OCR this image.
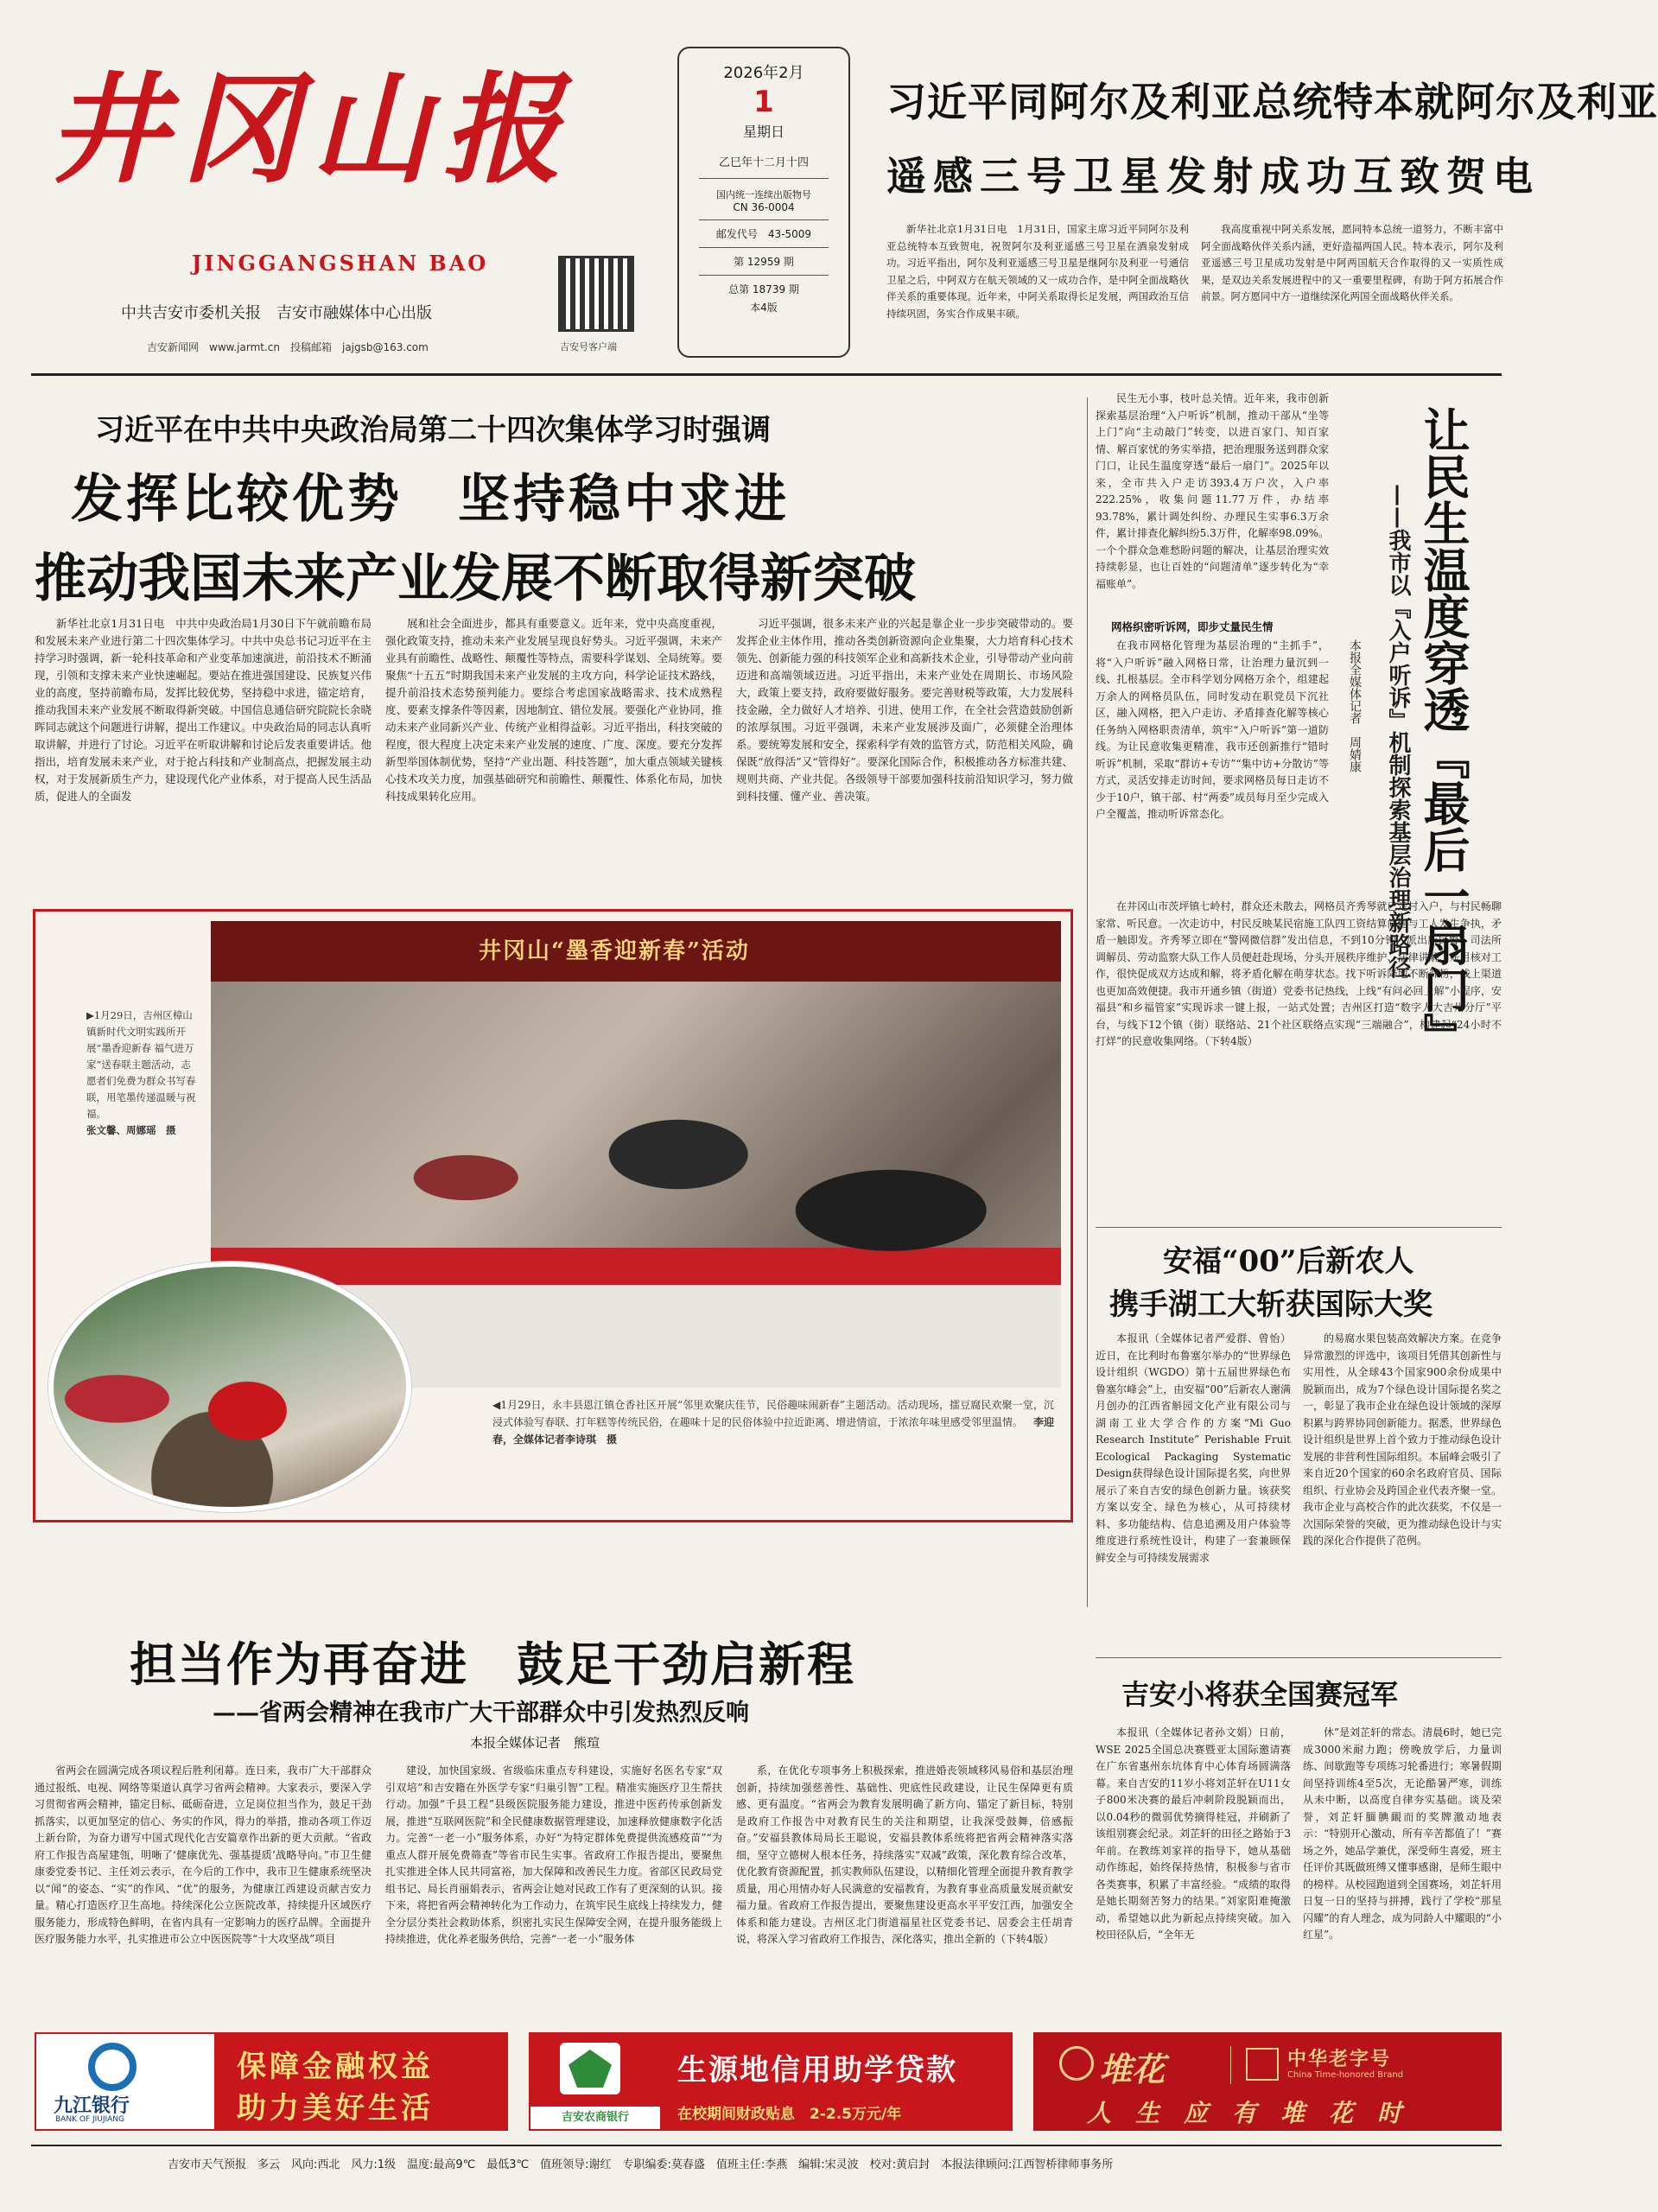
井冈山报
JINGGANGSHAN BAO
中共吉安市委机关报　吉安市融媒体中心出版
吉安新闻网　www.jarmt.cn　投稿邮箱　jajgsb@163.com	吉安号客户端
2026年2月
1
星期日
乙巳年十二月十四
国内统一连续出版物号
CN 36-0004
邮发代号　43-5009
第 12959 期
总第 18739 期
本4版
习近平同阿尔及利亚总统特本就阿尔及利亚
遥感三号卫星发射成功互致贺电

新华社北京1月31日电　1月31日，国家主席习近平同阿尔及利亚总统特本互致贺电，祝贺阿尔及利亚遥感三号卫星在酒泉发射成功。习近平指出，阿尔及利亚遥感三号卫星是继阿尔及利亚一号通信卫星之后，中阿双方在航天领域的又一成功合作，是中阿全面战略伙伴关系的重要体现。近年来，中阿关系取得长足发展，两国政治互信持续巩固，务实合作成果丰硕。

我高度重视中阿关系发展，愿同特本总统一道努力，不断丰富中阿全面战略伙伴关系内涵，更好造福两国人民。特本表示，阿尔及利亚遥感三号卫星成功发射是中阿两国航天合作取得的又一实质性成果，是双边关系发展进程中的又一重要里程碑，有助于阿方拓展合作前景。阿方愿同中方一道继续深化两国全面战略伙伴关系。

习近平在中共中央政治局第二十四次集体学习时强调
发挥比较优势　坚持稳中求进
推动我国未来产业发展不断取得新突破

新华社北京1月31日电　中共中央政治局1月30日下午就前瞻布局和发展未来产业进行第二十四次集体学习。中共中央总书记习近平在主持学习时强调，新一轮科技革命和产业变革加速演进，前沿技术不断涌现，引领和支撑未来产业快速崛起。要站在推进强国建设、民族复兴伟业的高度，坚持前瞻布局，发挥比较优势，坚持稳中求进，锚定培育，推动我国未来产业发展不断取得新突破。中国信息通信研究院院长余晓晖同志就这个问题进行讲解，提出工作建议。中央政治局的同志认真听取讲解，并进行了讨论。习近平在听取讲解和讨论后发表重要讲话。他指出，培育发展未来产业，对于抢占科技和产业制高点，把握发展主动权，对于发展新质生产力，建设现代化产业体系，对于提高人民生活品质，促进人的全面发

展和社会全面进步，都具有重要意义。近年来，党中央高度重视，强化政策支持，推动未来产业发展呈现良好势头。习近平强调，未来产业具有前瞻性、战略性、颠覆性等特点，需要科学谋划、全局统筹。要聚焦“十五五”时期我国未来产业发展的主攻方向，科学论证技术路线，提升前沿技术态势预判能力。要综合考虑国家战略需求、技术成熟程度、要素支撑条件等因素，因地制宜、错位发展。要强化产业协同，推动未来产业同新兴产业、传统产业相得益彰。习近平指出，科技突破的程度，很大程度上决定未来产业发展的速度、广度、深度。要充分发挥新型举国体制优势，坚持“产业出题、科技答题”，加大重点领域关键核心技术攻关力度，加强基础研究和前瞻性、颠覆性、体系化布局，加快科技成果转化应用。

习近平强调，很多未来产业的兴起是靠企业一步步突破带动的。要发挥企业主体作用，推动各类创新资源向企业集聚，大力培育科心技术领先、创新能力强的科技领军企业和高新技术企业，引导带动产业向前迈进和高端领域迈进。习近平指出，未来产业处在周期长、市场风险大，政策上要支持，政府要做好服务。要完善财税等政策，大力发展科技金融，全力做好人才培养、引进、使用工作，在全社会营造鼓励创新的浓厚氛围。习近平强调，未来产业发展涉及面广，必须健全治理体系。要统筹发展和安全，探索科学有效的监管方式，防范相关风险，确保既“放得活”又“管得好”。要深化国际合作，积极推动各方标准共建、规则共商、产业共促。各级领导干部要加强科技前沿知识学习，努力做到科技懂、懂产业、善决策。

井冈山“墨香迎新春”活动
▶1月29日，吉州区樟山镇新时代文明实践所开展“墨香迎新春 福气进万家”送春联主题活动，志愿者们免费为群众书写春联，用笔墨传递温暖与祝福。
张文馨、周娜瑶　摄
◀1月29日，永丰县恩江镇仓香社区开展“邻里欢聚庆佳节，民俗趣味闹新春”主题活动。活动现场，擂豆腐民欢聚一堂，沉浸式体验写春联、打年糕等传统民俗，在趣味十足的民俗体验中拉近距离、增进情谊，于浓浓年味里感受邻里温情。 李迎春，全媒体记者李诗琪　摄

民生无小事，枝叶总关情。近年来，我市创新探索基层治理“入户听诉”机制，推动干部从“坐等上门”向“主动敲门”转变，以进百家门、知百家情、解百家忧的务实举措，把治理服务送到群众家门口，让民生温度穿透“最后一扇门”。2025年以来，全市共入户走访393.4万户次，入户率222.25%，收集问题11.77万件，办结率93.78%，累计调处纠纷、办理民生实事6.3万余件，累计排查化解纠纷5.3万件，化解率98.09%。一个个群众急难愁盼问题的解决，让基层治理实效持续彰显，也让百姓的“问题清单”逐步转化为“幸福账单”。

网格织密听诉网，即步丈量民生情

在我市网格化管理为基层治理的“主抓手”，将“入户听诉”融入网格日常，让治理力量沉到一线、扎根基层。全市科学划分网格万余个，组建起万余人的网格员队伍，同时发动在职党员下沉社区，融入网格，把入户走访、矛盾排查化解等核心任务纳入网格职责清单，筑牢“入户听诉”第一道防线。为让民意收集更精准，我市还创新推行“错时听诉”机制，采取“群访+专访”“集中访+分散访”等方式，灵活安排走访时间，要求网格员每日走访不少于10户，镇干部、村“两委”成员每月至少完成入户全覆盖，推动听诉常态化。	让民生温度穿透『最后一扇门』
——我市以『入户听诉』机制探索基层治理新路径
本报全媒体记者　周婧康

在井冈山市茨坪镇七岭村，群众还未散去，网格员齐秀琴就已走村入户，与村民畅聊家常、听民意。一次走访中，村民反映某民宿施工队四工资结算问题与工人发生争执，矛盾一触即发。齐秀琴立即在“警网微信群”发出信息，不到10分钟，派出所民警、司法所调解员、劳动监察大队工作人员便赶赴现场，分头开展秩序维护、法律讲解、账目核对工作，很快促成双方达成和解，将矛盾化解在萌芽状态。找下听诉降地不断筛粉，线上渠道也更加高效便捷。我市开通乡镇（街道）党委书记热线，上线“有问必回上解”小程序，安福县“和乡福管家”实现诉求一键上报，一站式处置；吉州区打造“数字人大吉州分厅”平台，与线下12个镇（街）联络站、21个社区联络点实现“三端融合”，构建起“24小时不打烊”的民意收集网络。（下转4版）

安福“00”后新农人
携手湖工大斩获国际大奖

本报讯（全媒体记者严爱群、曾怡）近日，在比利时布鲁塞尔举办的“世界绿色设计组织（WGDO）第十五届世界绿色布鲁塞尔峰会”上，由安福“00”后新农人谢满月创办的江西省斛园文化产业有限公司与湖南工业大学合作的方案“Mi Guo Research Institute” Perishable Fruit Ecological Packaging Systematic Design获得绿色设计国际提名奖，向世界展示了来自吉安的绿色创新力量。该获奖方案以安全、绿色为核心，从可持续材料、多功能结构、信息追溯及用户体验等维度进行系统性设计，构建了一套兼顾保鲜安全与可持续发展需求

的易腐水果包装高效解决方案。在竞争异常激烈的评选中，该项目凭借其创新性与实用性，从全球43个国家900余份成果中脱颖而出，成为7个绿色设计国际提名奖之一，彰显了我市企业在绿色设计领域的深厚积累与跨界协同创新能力。据悉，世界绿色设计组织是世界上首个致力于推动绿色设计发展的非营利性国际组织。本届峰会吸引了来自近20个国家的60余名政府官员、国际组织、行业协会及跨国企业代表齐聚一堂。我市企业与高校合作的此次获奖，不仅是一次国际荣誉的突破，更为推动绿色设计与实践的深化合作提供了范例。

吉安小将获全国赛冠军

本报讯（全媒体记者孙文娟）日前，WSE 2025全国总决赛暨亚太国际邀请赛在广东省惠州东坑体育中心体育场圆满落幕。来自吉安的11岁小将刘芷轩在U11女子800米决赛的最后冲刺阶段脱颖而出，以0.04秒的微弱优势摘得桂冠，并刷新了该组别赛会纪录。刘芷轩的田径之路始于3年前。在教练刘家祥的指导下，她从基础动作练起，始终保持热情，积极参与省市各类赛事，积累了丰富经验。“成绩的取得是她长期刻苦努力的结果。”刘家阳难掩激动，希望她以此为新起点持续突破。加入校田径队后，“全年无

休”是刘芷轩的常态。清晨6时，她已完成3000米耐力跑；傍晚放学后，力量训练、间歇跑等专项练习轮番进行；寒暑假期间坚持训练4至5次，无论酷暑严寒，训练从未中断，以高度自律夯实基础。谈及荣誉，刘芷轩腼腆靦而的奖牌激动地表示：“特别开心激动，所有辛苦都值了！”赛场之外，她品学兼优，深受师生喜爱，班主任评价其既做班缚又懂事感谢，是师生眼中的榜样。从校园跑道到全国赛场，刘芷轩用日复一日的坚持与拼搏，践行了学校“那星闪耀”的育人理念，成为同龄人中耀眼的“小红星”。

担当作为再奋进　鼓足干劲启新程
——省两会精神在我市广大干部群众中引发热烈反响
本报全媒体记者　熊瑄

省两会在圆满完成各项议程后胜利闭幕。连日来，我市广大干部群众通过报纸、电视、网络等渠道认真学习省两会精神。大家表示，要深入学习贯彻省两会精神，锚定目标、砥砺奋进，立足岗位担当作为，鼓足干劲抓落实，以更加坚定的信心、务实的作风，得力的举措，推动各项工作迈上新台阶，为奋力谱写中国式现代化吉安篇章作出新的更大贡献。“省政府工作报告高屋建瓴，明晰了‘健康优先、强基提质’战略导向。”市卫生健康委党委书记、主任刘云表示，在今后的工作中，我市卫生健康系统坚决以“闻”的姿态、“实”的作风、“优”的服务，为健康江西建设贡献吉安力量。精心打造医疗卫生高地。持续深化公立医院改革，持续提升区域医疗服务能力，形成特色鲜明，在省内具有一定影响力的医疗品牌。全面提升医疗服务能力水平，扎实推进市公立中医医院等“十大攻坚战”项目

建设，加快国家级、省级临床重点专科建设，实施好名医名专家“双引双培”和吉安籍在外医学专家“归巢引智”工程。精准实施医疗卫生帮扶行动。加强“千县工程”县级医院服务能力建设，推进中医药传承创新发展，推进“互联网医院”和全民健康数据管理建设，加速释放健康数字化活力。完善“一老一小”服务体系，办好“为特定群体免费提供流感疫苗”“为重点人群开展免费筛查”等省市民生实事。省政府工作报告提出，要聚焦扎实推进全体人民共同富裕，加大保障和改善民生力度。省部区民政局党组书记、局长肖丽娟表示，省两会让她对民政工作有了更深刻的认识。接下来，将把省两会精神转化为工作动力，在筑牢民生底线上持续发力，健全分层分类社会救助体系，织密扎实民生保障安全网，在提升服务能级上持续推进，优化养老服务供给，完善“一老一小”服务体

系，在优化专项事务上积极探索，推进婚丧领域移风易俗和基层治理创新，持续加强慈善性、基础性、兜底性民政建设，让民生保障更有质感、更有温度。“省两会为教育发展明确了新方向、锚定了新目标，特别是政府工作报告中对教育民生的关注和期望，让我深受鼓舞，倍感振奋。”安福县教体局局长王聪说，安福县教体系统将把省两会精神落实落细，坚守立德树人根本任务，持续落实“双减”政策，深化教育综合改革，优化教育资源配置，抓实教师队伍建设，以精细化管理全面提升教育教学质量，用心用情办好人民满意的安福教育，为教育事业高质量发展贡献安福力量。省政府工作报告提出，要聚焦建设更高水平平安江西，加强安全体系和能力建设。吉州区北门街道福星社区党委书记、居委会主任胡青说，将深入学习省政府工作报告，深化落实，推出全新的（下转4版）

九江银行
BANK OF JIUJIANG
保障金融权益
助力美好生活	吉安农商银行
生源地信用助学贷款
在校期间财政贴息　2-2.5万元/年
堆花	中华老字号
China Time-honored Brand
人　生　应　有　堆　花　时
吉安市天气预报　多云　风向:西北　风力:1级　温度:最高9℃　最低3℃　值班领导:谢红　专职编委:莫春盛　值班主任:李燕　编辑:宋灵波　校对:黄启封　本报法律顾问:江西智桥律师事务所
